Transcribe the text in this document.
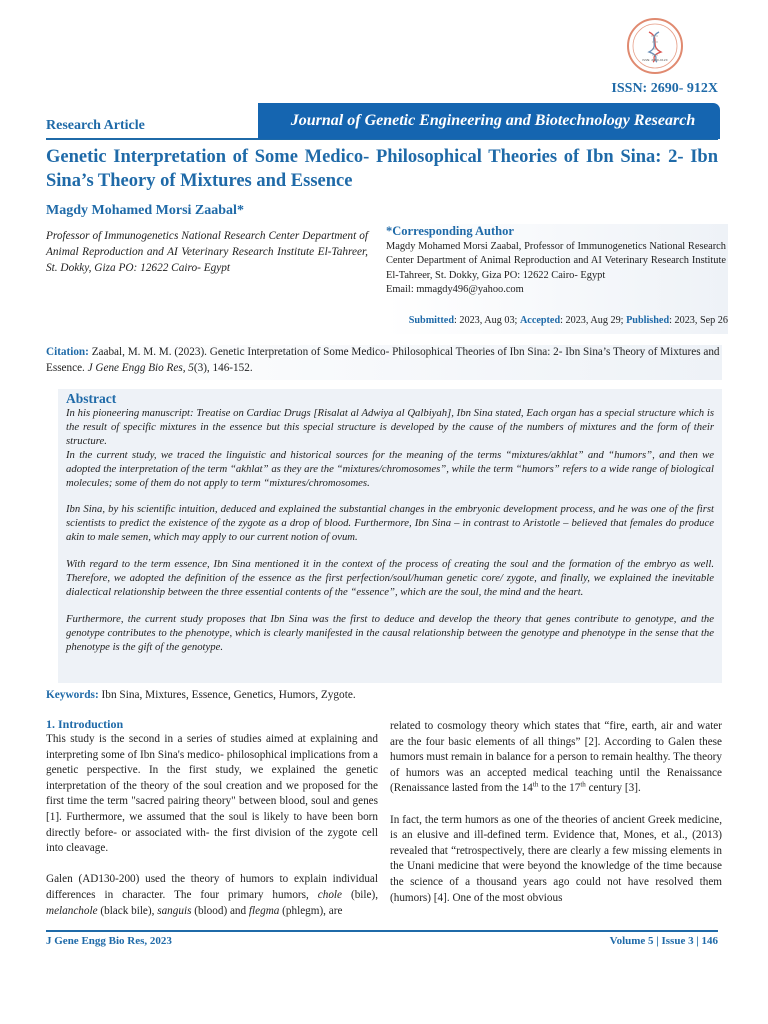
ISSN: 2690-912X
ISSN: 2690- 912X
Research Article	Journal of Genetic Engineering and Biotechnology Research
Genetic Interpretation of Some Medico- Philosophical Theories of Ibn Sina: 2- Ibn Sina’s Theory of Mixtures and Essence
Magdy Mohamed Morsi Zaabal*
Professor of Immunogenetics National Research Center Department of Animal Reproduction and AI Veterinary Research Institute El-Tahreer, St. Dokky, Giza PO: 12622 Cairo- Egypt
*Corresponding Author
Magdy Mohamed Morsi Zaabal, Professor of Immunogenetics National Research Center Department of Animal Reproduction and AI Veterinary Research Institute El-Tahreer, St. Dokky, Giza PO: 12622 Cairo- Egypt
Email: mmagdy496@yahoo.com
Submitted: 2023, Aug 03; Accepted: 2023, Aug 29; Published: 2023, Sep 26
Citation: Zaabal, M. M. M. (2023). Genetic Interpretation of Some Medico- Philosophical Theories of Ibn Sina: 2- Ibn Sina’s Theory of Mixtures and Essence. J Gene Engg Bio Res, 5(3), 146-152.
Abstract

In his pioneering manuscript: Treatise on Cardiac Drugs [Risalat al Adwiya al Qalbiyah], Ibn Sina stated, Each organ has a special structure which is the result of specific mixtures in the essence but this special structure is developed by the cause of the numbers of mixtures and the form of their structure.

In the current study, we traced the linguistic and historical sources for the meaning of the terms “mixtures/akhlat” and “humors”, and then we adopted the interpretation of the term “akhlat” as they are the “mixtures/chromosomes”, while the term “humors” refers to a wide range of biological molecules; some of them do not apply to term “mixtures/chromosomes.

Ibn Sina, by his scientific intuition, deduced and explained the substantial changes in the embryonic development process, and he was one of the first scientists to predict the existence of the zygote as a drop of blood. Furthermore, Ibn Sina – in contrast to Aristotle – believed that females do produce akin to male semen, which may apply to our current notion of ovum.

With regard to the term essence, Ibn Sina mentioned it in the context of the process of creating the soul and the formation of the embryo as well. Therefore, we adopted the definition of the essence as the first perfection/soul/human genetic core/ zygote, and finally, we explained the inevitable dialectical relationship between the three essential contents of the “essence”, which are the soul, the mind and the heart.

Furthermore, the current study proposes that Ibn Sina was the first to deduce and develop the theory that genes contribute to genotype, and the genotype contributes to the phenotype, which is clearly manifested in the causal relationship between the genotype and phenotype in the sense that the phenotype is the gift of the genotype.

Keywords: Ibn Sina, Mixtures, Essence, Genetics, Humors, Zygote.
1. Introduction

This study is the second in a series of studies aimed at explaining and interpreting some of Ibn Sina's medico- philosophical implications from a genetic perspective. In the first study, we explained the genetic interpretation of the theory of the soul creation and we proposed for the first time the term "sacred pairing theory" between blood, soul and genes [1]. Furthermore, we assumed that the soul is likely to have been born directly before- or associated with- the first division of the zygote cell into cleavage.

Galen (AD130-200) used the theory of humors to explain individual differences in character. The four primary humors, chole (bile), melanchole (black bile), sanguis (blood) and flegma (phlegm), are

related to cosmology theory which states that “fire, earth, air and water are the four basic elements of all things” [2]. According to Galen these humors must remain in balance for a person to remain healthy. The theory of humors was an accepted medical teaching until the Renaissance (Renaissance lasted from the 14th to the 17th century [3].

In fact, the term humors as one of the theories of ancient Greek medicine, is an elusive and ill-defined term. Evidence that, Mones, et al., (2013) revealed that “retrospectively, there are clearly a few missing elements in the Unani medicine that were beyond the knowledge of the time because the science of a thousand years ago could not have resolved them (humors) [4]. One of the most obvious

J Gene Engg Bio Res, 2023	Volume 5 | Issue 3 | 146
